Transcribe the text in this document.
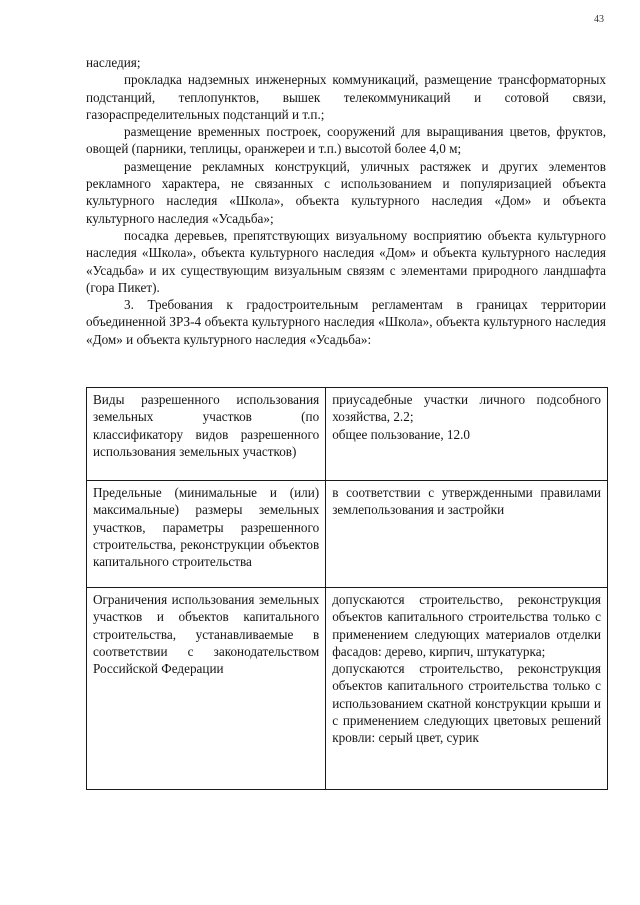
43

наследия;

прокладка надземных инженерных коммуникаций, размещение трансформаторных подстанций, теплопунктов, вышек телекоммуникаций и сотовой связи, газораспределительных подстанций и т.п.;

размещение временных построек, сооружений для выращивания цветов, фруктов, овощей (парники, теплицы, оранжереи и т.п.) высотой более 4,0 м;

размещение рекламных конструкций, уличных растяжек и других элементов рекламного характера, не связанных с использованием и популяризацией объекта культурного наследия «Школа», объекта культурного наследия «Дом» и объекта культурного наследия «Усадьба»;

посадка деревьев, препятствующих визуальному восприятию объекта культурного наследия «Школа», объекта культурного наследия «Дом» и объекта культурного наследия «Усадьба» и их существующим визуальным связям с элементами природного ландшафта (гора Пикет).

3. Требования к градостроительным регламентам в границах территории объединенной ЗРЗ-4 объекта культурного наследия «Школа», объекта культурного наследия «Дом» и объекта культурного наследия «Усадьба»:

Виды разрешенного использования земельных участков (по классификатору видов разрешенного использования земельных участков)	приусадебные участки личного подсобного хозяйства, 2.2;
общее пользование, 12.0

Предельные (минимальные и (или) максимальные) размеры земельных участков, параметры разрешенного строительства, реконструкции объектов капитального строительства	в соответствии с утвержденными правилами землепользования и застройки

Ограничения использования земельных участков и объектов капитального строительства, устанавливаемые в соответствии с законодательством Российской Федерации	допускаются строительство, реконструкция объектов капитального строительства только с применением следующих материалов отделки фасадов: дерево, кирпич, штукатурка;
допускаются строительство, реконструкция объектов капитального строительства только с использованием скатной конструкции крыши и с применением следующих цветовых решений кровли: серый цвет, сурик
